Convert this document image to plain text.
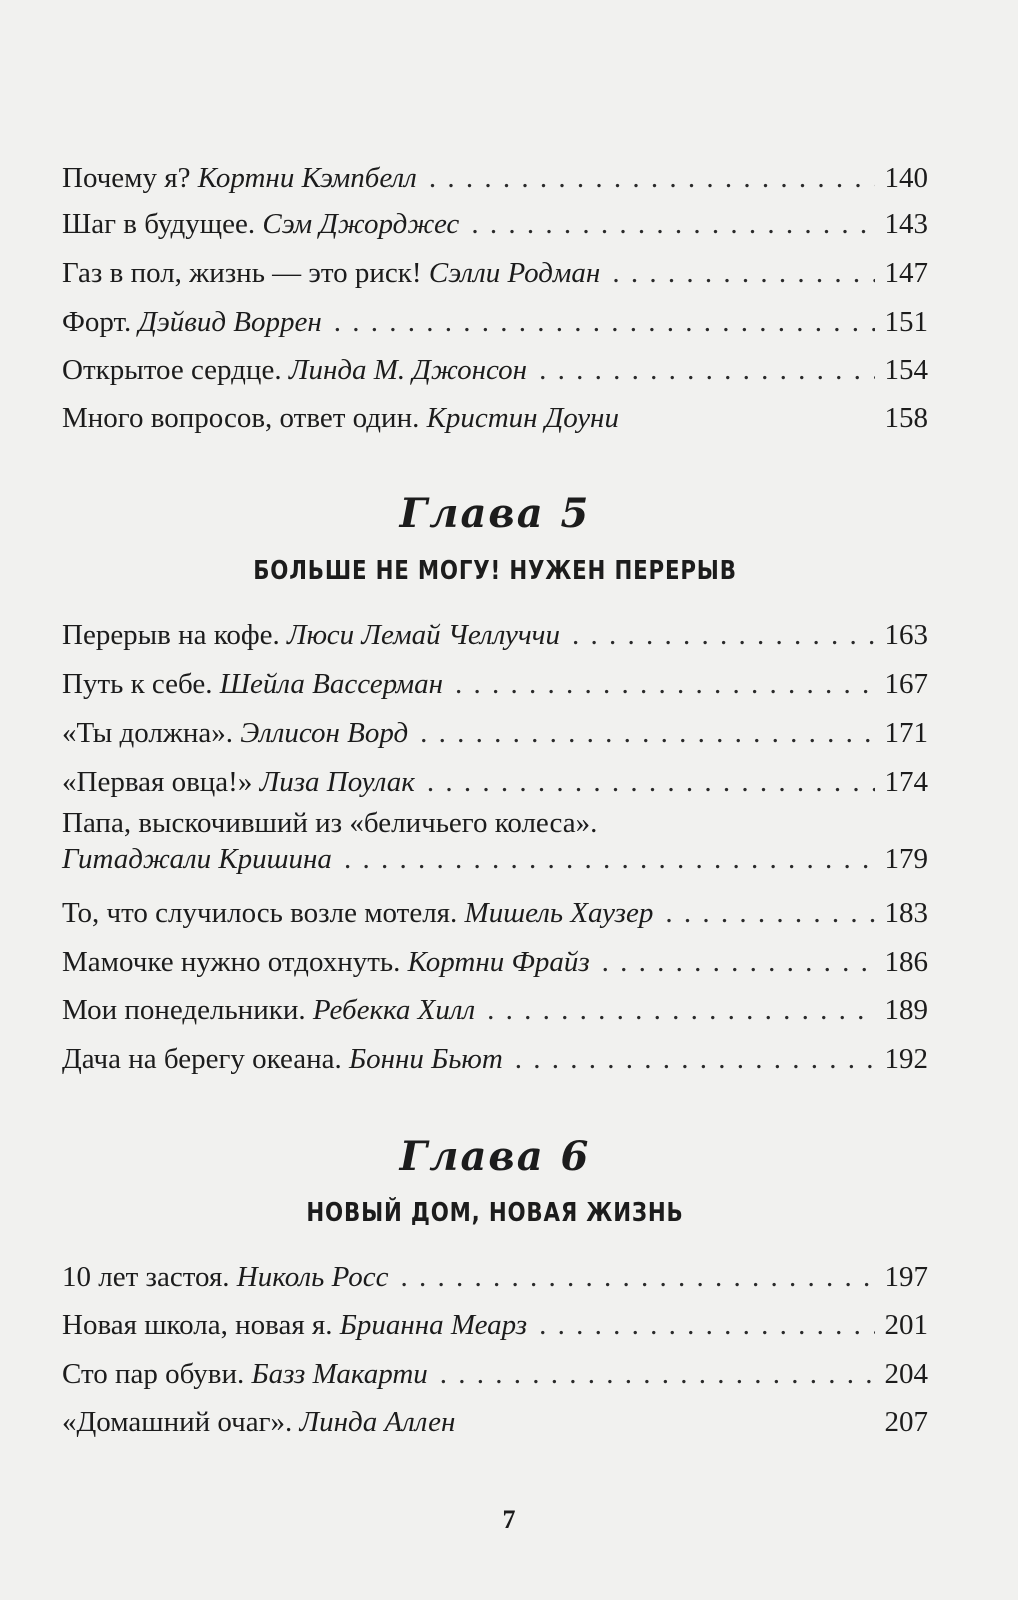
Почему я? Кортни Кэмпбелл . . .	140
Шаг в будущее. Сэм Джорджес . . .	143
Газ в пол, жизнь — это риск! Сэлли Родман . . .	147
Форт. Дэйвид Воррен . . .	151
Открытое сердце. Линда М. Джонсон . . .	154
Много вопросов, ответ один. Кристин Доуни	158
Глава 5
БОЛЬШЕ НЕ МОГУ! НУЖЕН ПЕРЕРЫВ
Перерыв на кофе. Люси Лемай Челлуччи . . .	163
Путь к себе. Шейла Вассерман . . .	167
«Ты должна». Эллисон Ворд . . .	171
«Первая овца!» Лиза Поулак . . .	174
Папа, выскочивший из «беличьего колеса».
Гитаджали Кришина . . .	179
То, что случилось возле мотеля. Мишель Хаузер . . .	183
Мамочке нужно отдохнуть. Кортни Фрайз . . .	186
Мои понедельники. Ребекка Хилл . . .	189
Дача на берегу океана. Бонни Бьют . . .	192
Глава 6
НОВЫЙ ДОМ, НОВАЯ ЖИЗНЬ
10 лет застоя. Николь Росс . . .	197
Новая школа, новая я. Брианна Меарз . . .	201
Сто пар обуви. Базз Макарти . . .	204
«Домашний очаг». Линда Аллен	207
7
